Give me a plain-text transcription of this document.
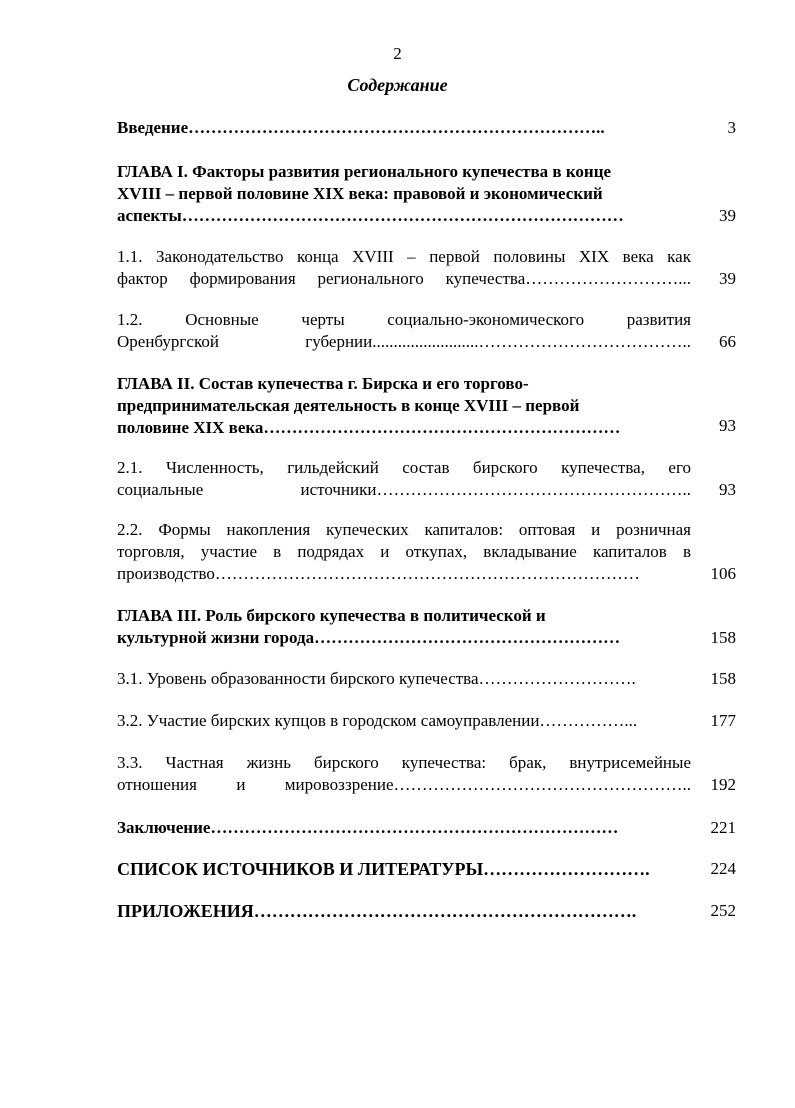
2
Содержание
Введение………………………………………………………………..	3
ГЛАВА I. Факторы развития регионального купечества в конце
XVIII – первой половине XIX века: правовой и экономический
аспекты……………………………………………………………………	39
1.1. Законодательство конца XVIII – первой половины XIX века как
фактор формирования регионального купечества………………………...	39
1.2. Основные черты социально-экономического развития
Оренбургской губернии.........................………………………………..	66
ГЛАВА II. Состав купечества г. Бирска и его торгово-
предпринимательская деятельность в конце XVIII – первой
половине XIX века………………………………………………………	93
2.1. Численность, гильдейский состав бирского купечества, его
социальные источники………………………………………………..	93
2.2. Формы накопления купеческих капиталов: оптовая и розничная
торговля, участие в подрядах и откупах, вкладывание капиталов в
производство…………………………………………………………………	106
ГЛАВА III. Роль бирского купечества в политической и
культурной жизни города………………………………………………	158
3.1. Уровень образованности бирского купечества……………………….	158
3.2. Участие бирских купцов в городском самоуправлении……………...	177
3.3. Частная жизнь бирского купечества: брак, внутрисемейные
отношения и мировоззрение……………………………………………..	192
Заключение………………………………………………………………	221
СПИСОК ИСТОЧНИКОВ И ЛИТЕРАТУРЫ……………………….	224
ПРИЛОЖЕНИЯ……………………………………………………….	252
